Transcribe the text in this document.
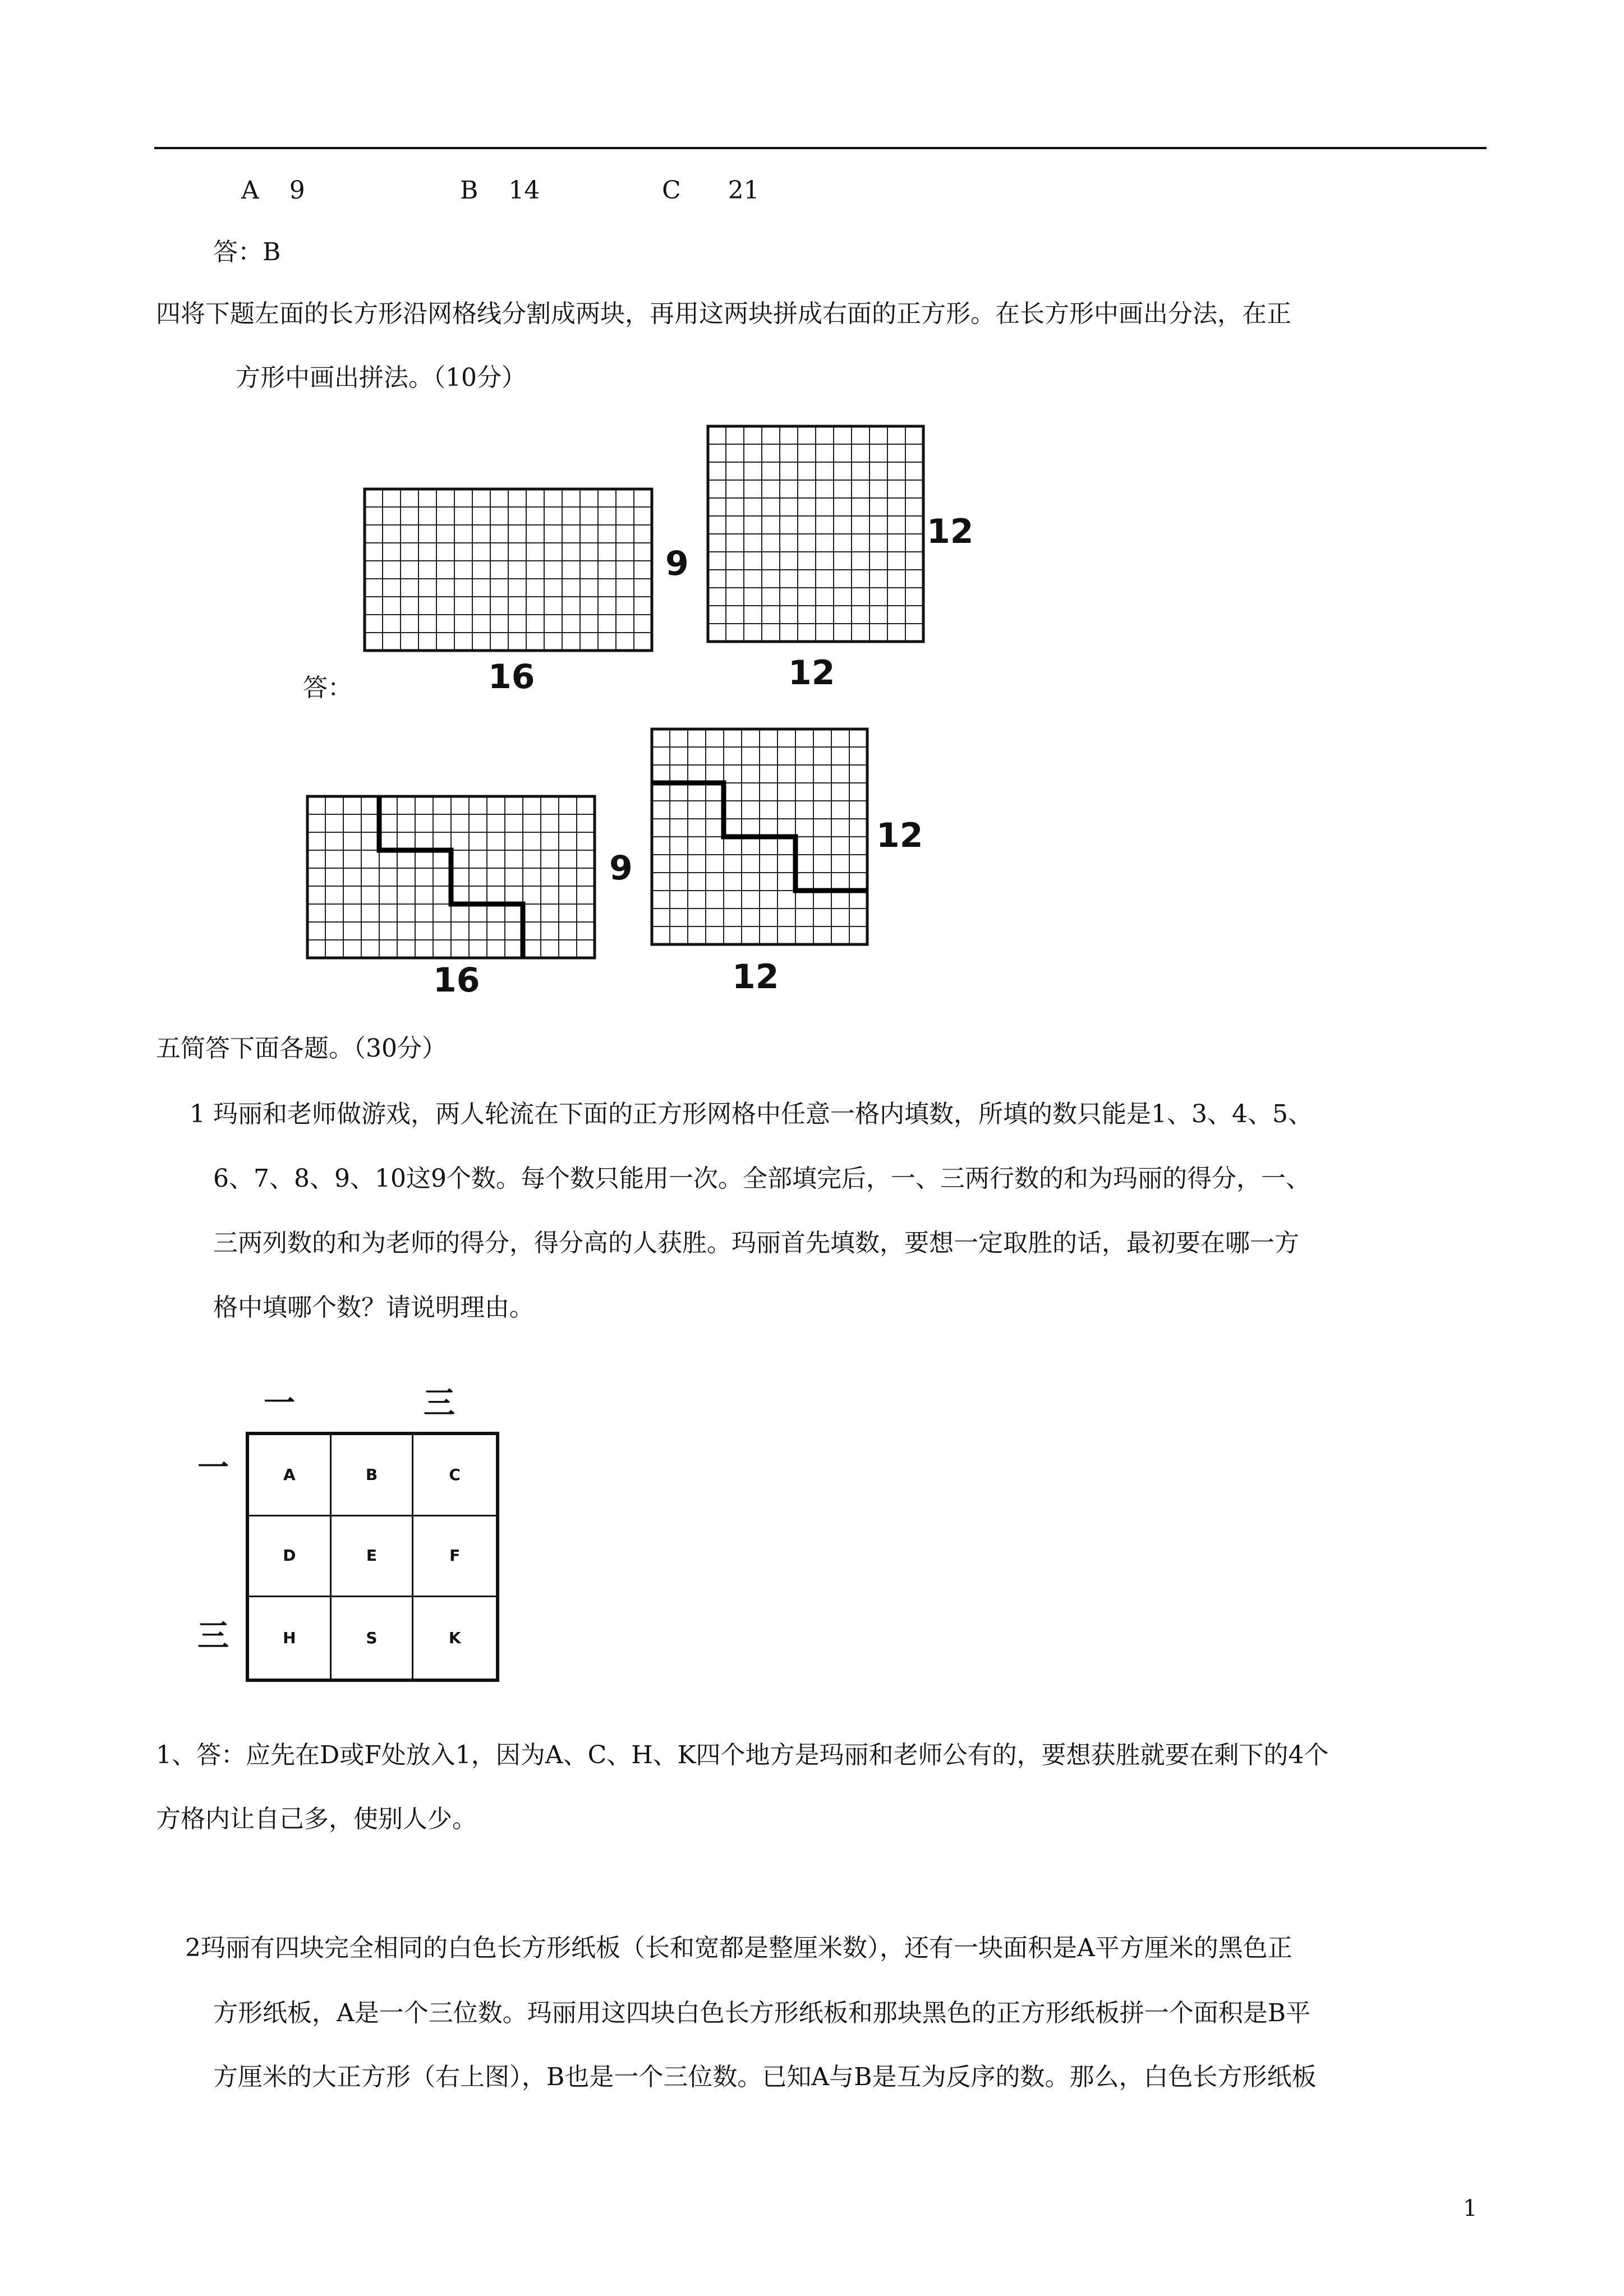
A 9	B 14	C 21
答：B
四将下题左面的长方形沿网格线分割成两块，再用这两块拼成右面的正方形。在长方形中画出分法，在正
方形中画出拼法。（10分）
9
16
12
12
答：
9
16
12
12
五简答下面各题。（30分）
1 玛丽和老师做游戏，两人轮流在下面的正方形网格中任意一格内填数，所填的数只能是1、3、4、5、
6、7、8、9、10这9个数。每个数只能用一次。全部填完后，一、三两行数的和为玛丽的得分，一、
三两列数的和为老师的得分，得分高的人获胜。玛丽首先填数，要想一定取胜的话，最初要在哪一方
格中填哪个数？请说明理由。
一	三
一
三
A	B	C
D	E	F
H	S	K
1、答：应先在D或F处放入1，因为A、C、H、K四个地方是玛丽和老师公有的，要想获胜就要在剩下的4个
方格内让自己多，使别人少。
2玛丽有四块完全相同的白色长方形纸板（长和宽都是整厘米数），还有一块面积是A平方厘米的黑色正
方形纸板，A是一个三位数。玛丽用这四块白色长方形纸板和那块黑色的正方形纸板拼一个面积是B平
方厘米的大正方形（右上图），B也是一个三位数。已知A与B是互为反序的数。那么，白色长方形纸板
1
